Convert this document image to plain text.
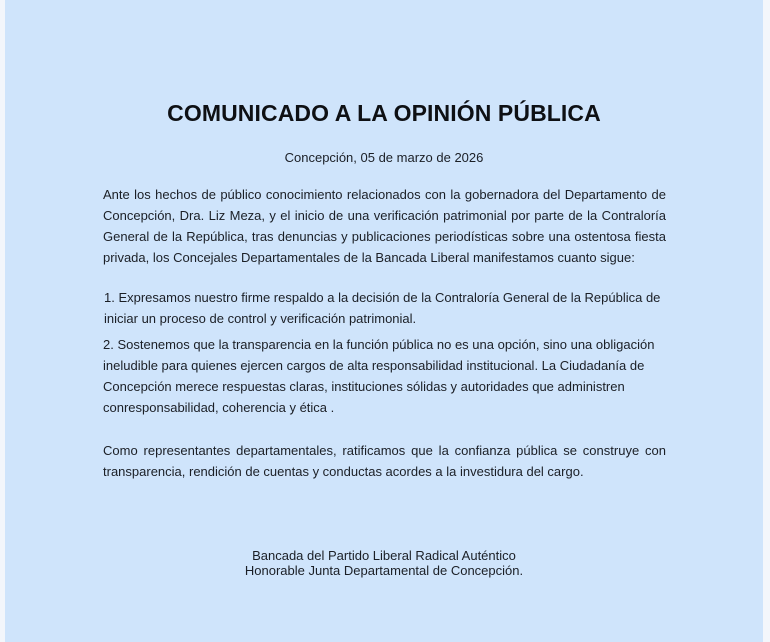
COMUNICADO A LA OPINIÓN PÚBLICA
Concepción, 05 de marzo de 2026

Ante los hechos de público conocimiento relacionados con la gobernadora del Departamento de Concepción, Dra. Liz Meza, y el inicio de una verificación patrimonial por parte de la Contraloría General de la República, tras denuncias y publicaciones periodísticas sobre una ostentosa fiesta privada, los Concejales Departamentales de la Bancada Liberal manifestamos cuanto sigue:

1. Expresamos nuestro firme respaldo a la decisión de la Contraloría General de la República de iniciar un proceso de control y verificación patrimonial.

2. Sostenemos que la transparencia en la función pública no es una opción, sino una obligación ineludible para quienes ejercen cargos de alta responsabilidad institucional. La Ciudadanía de Concepción merece respuestas claras, instituciones sólidas y autoridades que administren conresponsabilidad, coherencia y ética .

Como representantes departamentales, ratificamos que la confianza pública se construye con transparencia, rendición de cuentas y conductas acordes a la investidura del cargo.

Bancada del Partido Liberal Radical Auténtico
Honorable Junta Departamental de Concepción.
